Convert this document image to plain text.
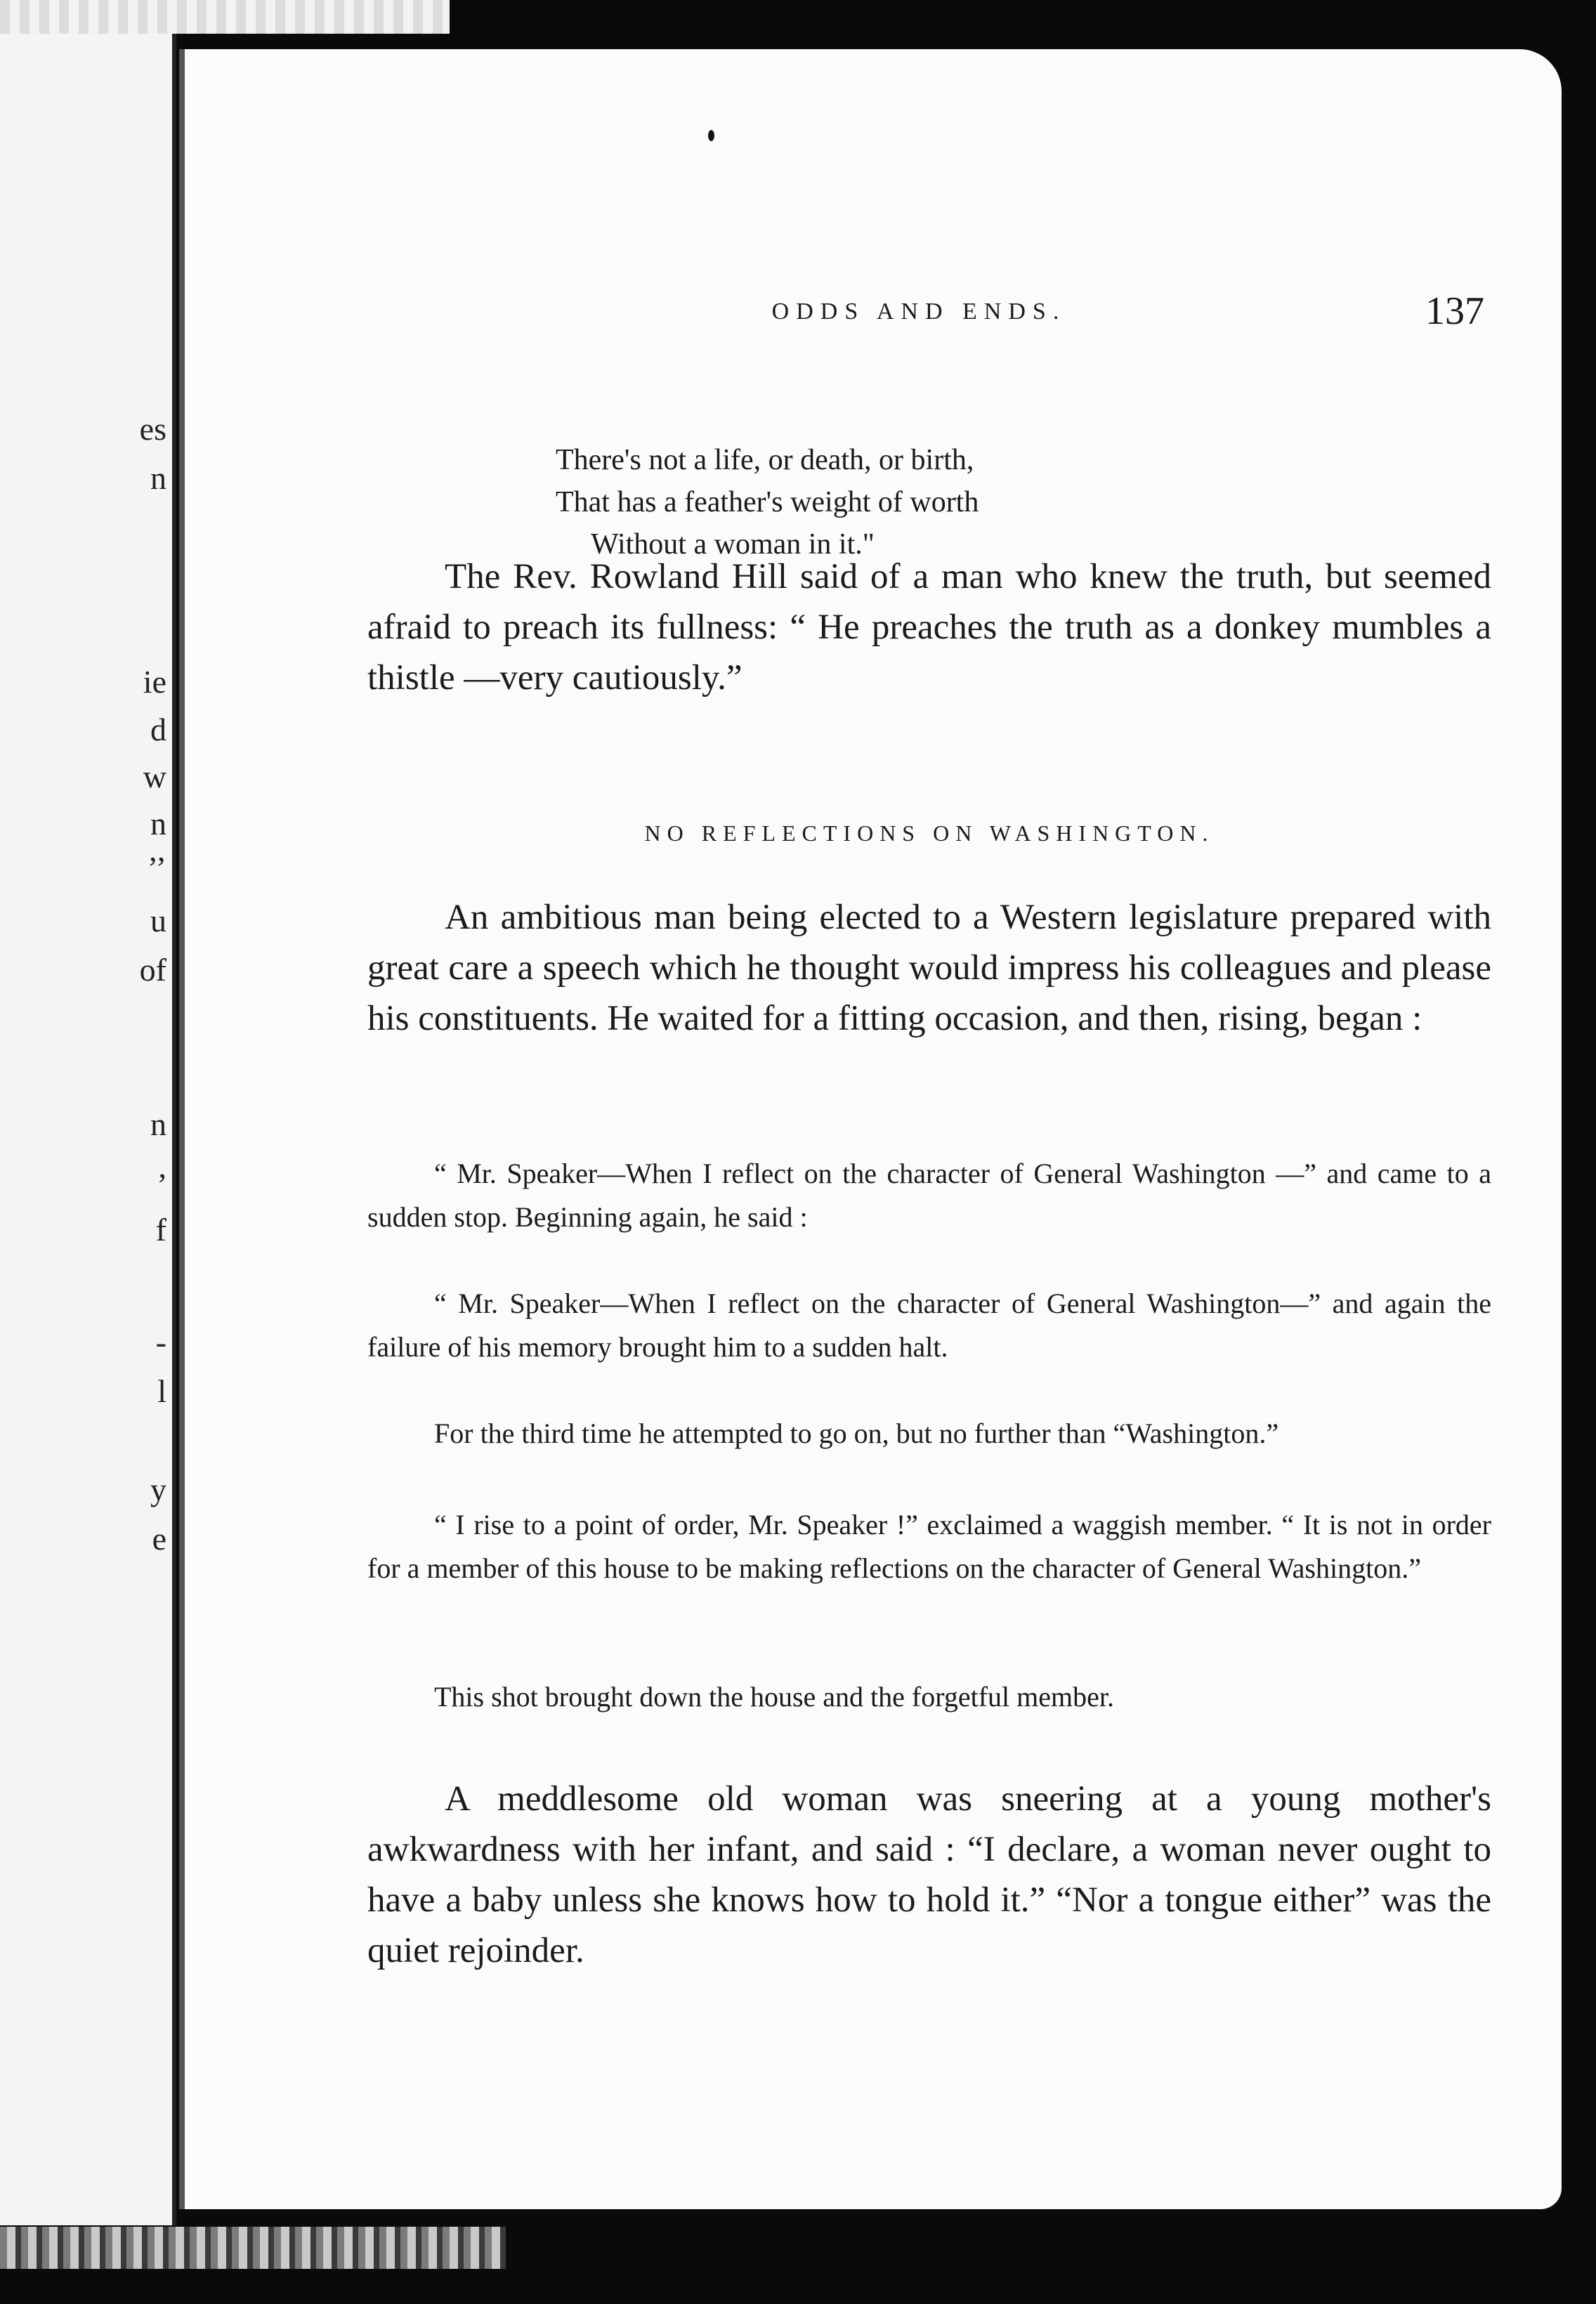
es
n
ie
d
w
n
’’
u
of
n
,
f
-
l
y
e
ODDS AND ENDS.	137
There's not a life, or death, or birth,
That has a feather's weight of worth
Without a woman in it."

The Rev. Rowland Hill said of a man who knew the truth, but seemed afraid to preach its fullness: “ He preaches the truth as a donkey mumbles a thistle —very cautiously.”

NO REFLECTIONS ON WASHINGTON.

An ambitious man being elected to a Western legislature prepared with great care a speech which he thought would impress his colleagues and please his constituents. He waited for a fitting occasion, and then, rising, began :

“ Mr. Speaker—When I reflect on the character of General Washington —” and came to a sudden stop. Beginning again, he said :

“ Mr. Speaker—When I reflect on the character of General Washington—” and again the failure of his memory brought him to a sudden halt.

For the third time he attempted to go on, but no further than “Washington.”

“ I rise to a point of order, Mr. Speaker !” exclaimed a waggish member. “ It is not in order for a member of this house to be making reflections on the character of General Washington.”

This shot brought down the house and the forgetful member.

A meddlesome old woman was sneering at a young mother's awkwardness with her infant, and said : “I declare, a woman never ought to have a baby unless she knows how to hold it.” “Nor a tongue either” was the quiet rejoinder.
